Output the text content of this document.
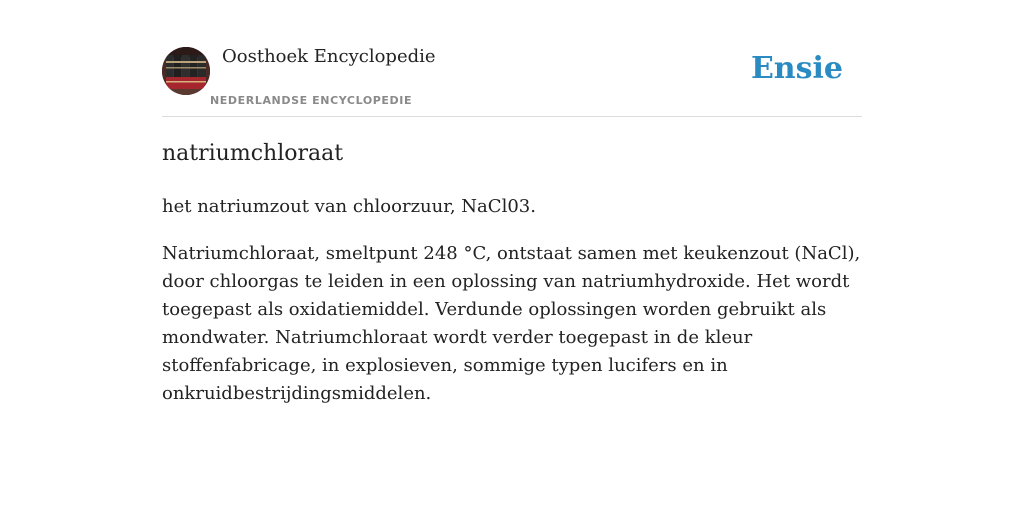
Oosthoek Encyclopedie
NEDERLANDSE ENCYCLOPEDIE
Ensie
natriumchloraat

het natriumzout van chloorzuur, NaCl03.

Natriumchloraat, smeltpunt 248 °C, ontstaat samen met keukenzout (NaCl), door chloorgas te leiden in een oplossing van natriumhydroxide. Het wordt toegepast als oxidatiemiddel. Verdunde oplossingen worden gebruikt als mondwater. Natriumchloraat wordt verder toegepast in de kleur stoffenfabricage, in explosieven, sommige typen lucifers en in onkruidbestrijdingsmiddelen.
